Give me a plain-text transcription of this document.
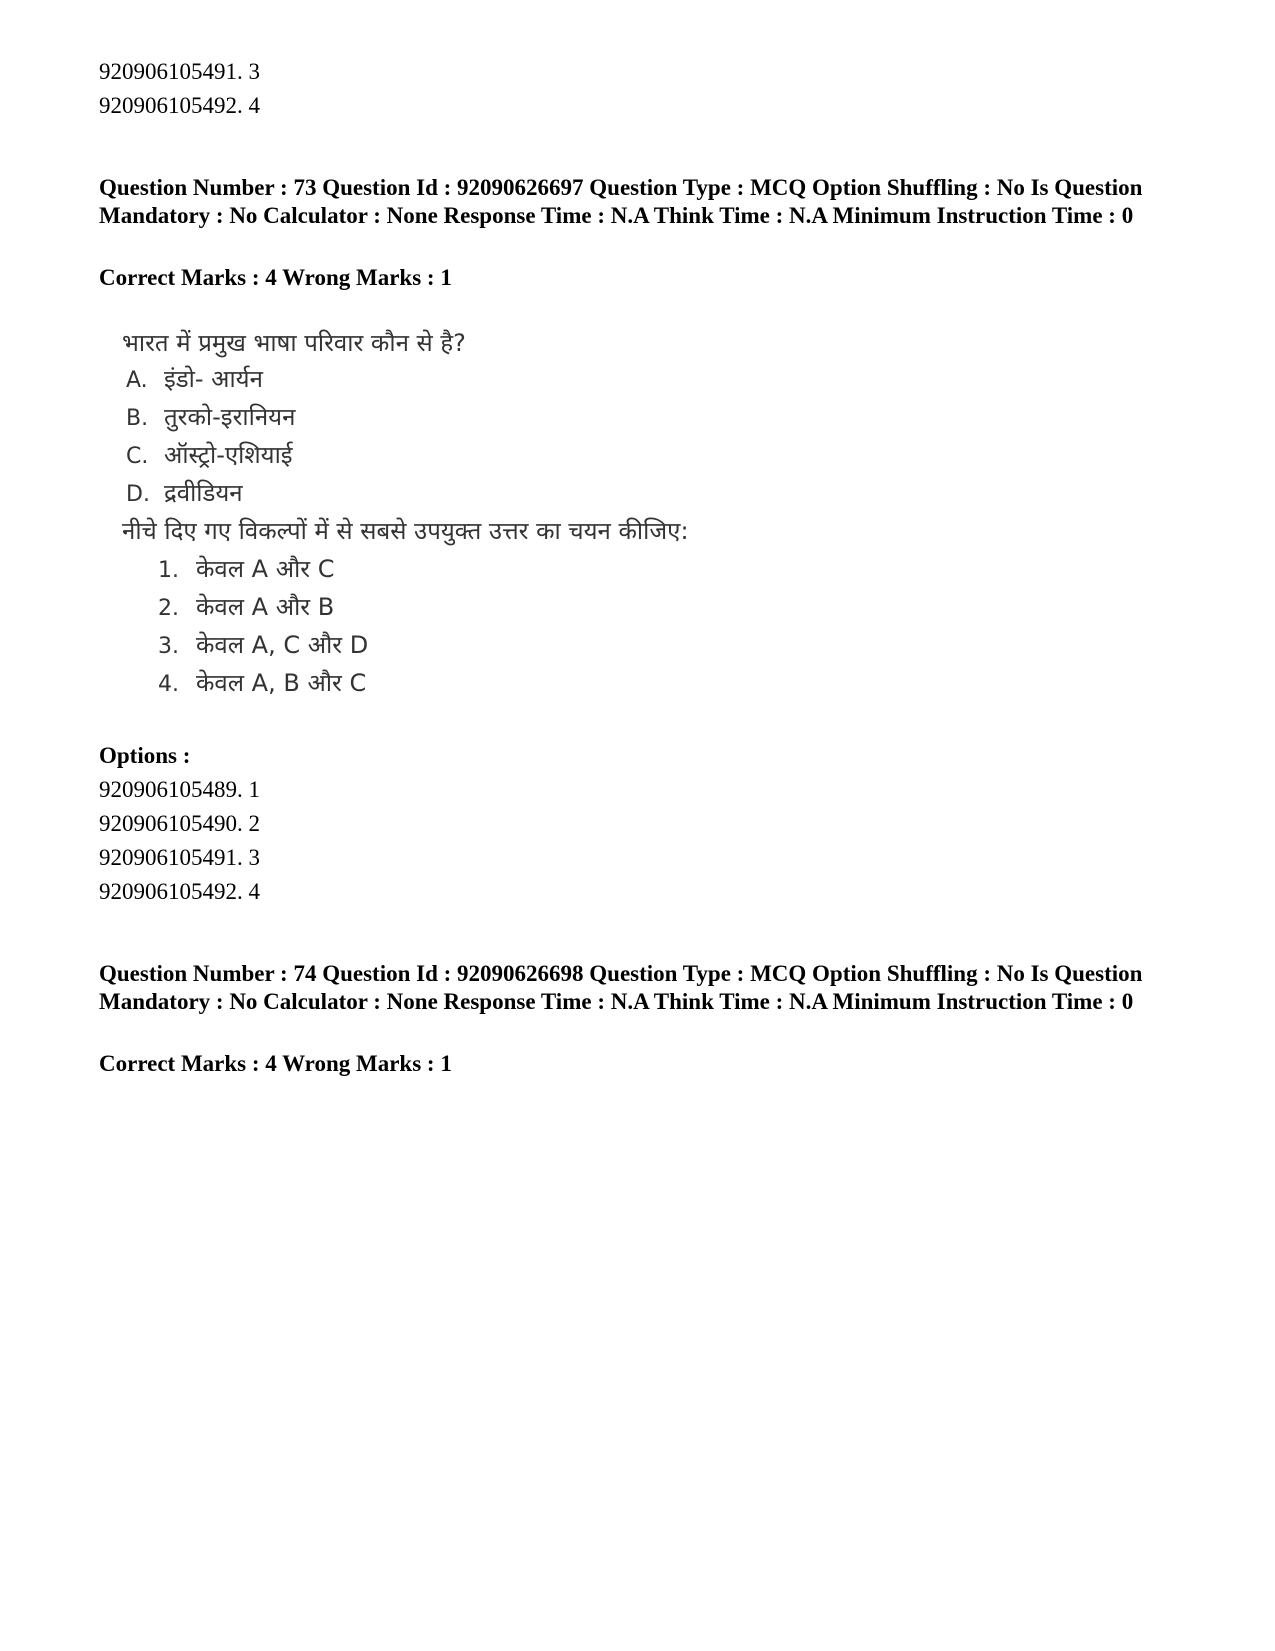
920906105491. 3
920906105492. 4
Question Number : 73 Question Id : 92090626697 Question Type : MCQ Option Shuffling : No Is Question Mandatory : No Calculator : None Response Time : N.A Think Time : N.A Minimum Instruction Time : 0
Correct Marks : 4 Wrong Marks : 1
भारत में प्रमुख भाषा परिवार कौन से है?
A. इंडो- आर्यन
B. तुरको-इरानियन
C. ऑस्ट्रो-एशियाई
D. द्रवीडियन
नीचे दिए गए विकल्पों में से सबसे उपयुक्त उत्तर का चयन कीजिए:
1. केवल A और C
2. केवल A और B
3. केवल A, C और D
4. केवल A, B और C
Options :
920906105489. 1
920906105490. 2
920906105491. 3
920906105492. 4
Question Number : 74 Question Id : 92090626698 Question Type : MCQ Option Shuffling : No Is Question Mandatory : No Calculator : None Response Time : N.A Think Time : N.A Minimum Instruction Time : 0
Correct Marks : 4 Wrong Marks : 1
